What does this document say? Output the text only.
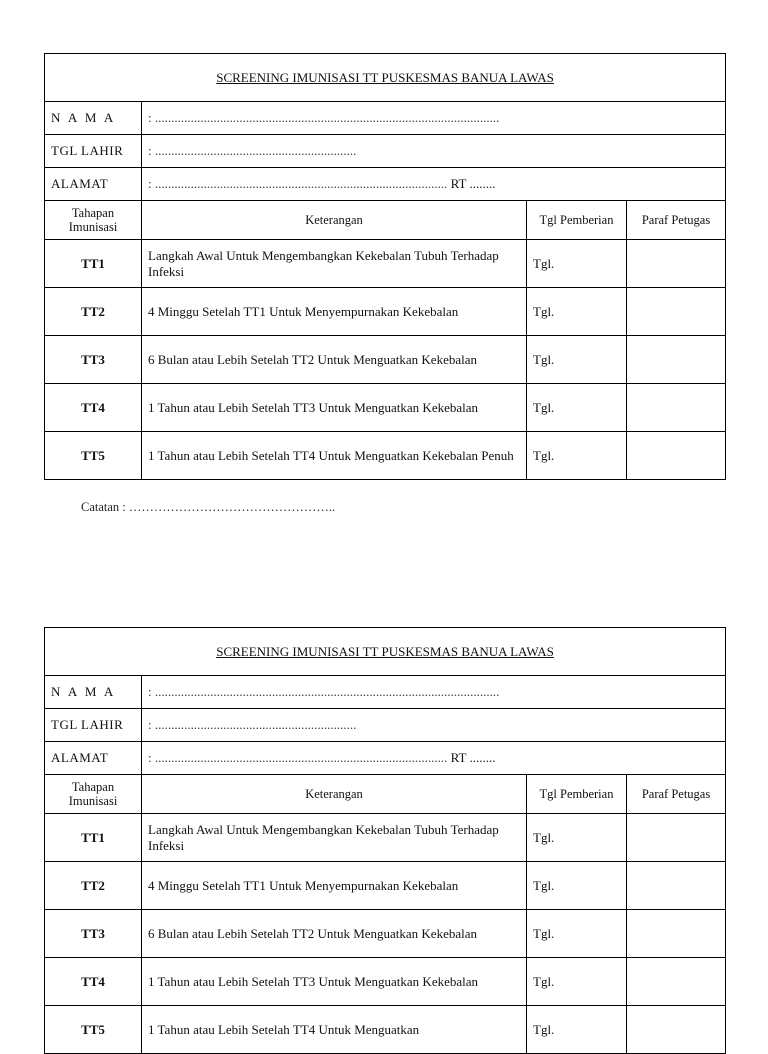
SCREENING IMUNISASI TT PUSKESMAS BANUA LAWAS			
N A M A	: ..........................................................................................................		
TGL LAHIR	: ..............................................................		
ALAMAT	: .......................................................................................... RT ........		
Tahapan Imunisasi	Keterangan	Tgl Pemberian	Paraf Petugas
TT1	Langkah Awal Untuk Mengembangkan Kekebalan Tubuh Terhadap Infeksi	Tgl.	
TT2	4 Minggu Setelah TT1 Untuk Menyempurnakan Kekebalan	Tgl.	
TT3	6 Bulan atau Lebih Setelah TT2 Untuk Menguatkan Kekebalan	Tgl.	
TT4	1 Tahun atau Lebih Setelah TT3 Untuk Menguatkan Kekebalan	Tgl.	
TT5	1 Tahun atau Lebih Setelah TT4 Untuk Menguatkan Kekebalan Penuh	Tgl.	
Catatan : …………………………………………..
SCREENING IMUNISASI TT PUSKESMAS BANUA LAWAS			
N A M A	: ..........................................................................................................		
TGL LAHIR	: ..............................................................		
ALAMAT	: .......................................................................................... RT ........		
Tahapan Imunisasi	Keterangan	Tgl Pemberian	Paraf Petugas
TT1	Langkah Awal Untuk Mengembangkan Kekebalan Tubuh Terhadap Infeksi	Tgl.	
TT2	4 Minggu Setelah TT1 Untuk Menyempurnakan Kekebalan	Tgl.	
TT3	6 Bulan atau Lebih Setelah TT2 Untuk Menguatkan Kekebalan	Tgl.	
TT4	1 Tahun atau Lebih Setelah TT3 Untuk Menguatkan Kekebalan	Tgl.	
TT5	1 Tahun atau Lebih Setelah TT4 Untuk Menguatkan	Tgl.	
